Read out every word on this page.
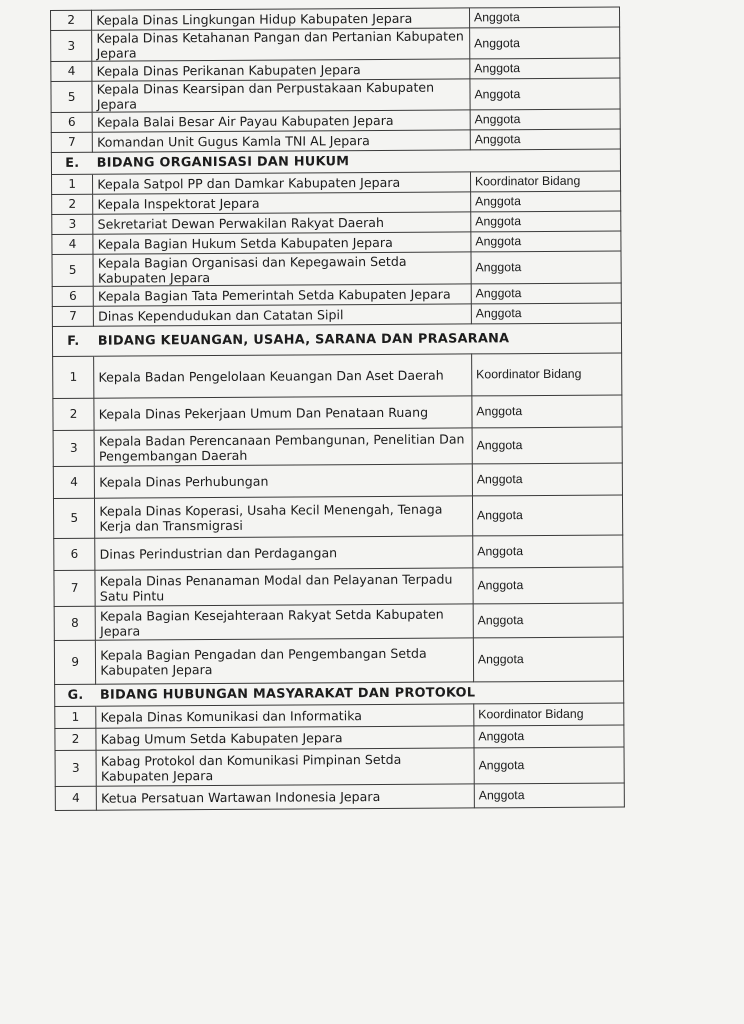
2	Kepala Dinas Lingkungan Hidup Kabupaten Jepara	Anggota
3	Kepala Dinas Ketahanan Pangan dan Pertanian Kabupaten Jepara	Anggota
4	Kepala Dinas Perikanan Kabupaten Jepara	Anggota
5	Kepala Dinas Kearsipan dan Perpustakaan Kabupaten Jepara	Anggota
6	Kepala Balai Besar Air Payau Kabupaten Jepara	Anggota
7	Komandan Unit Gugus Kamla TNI AL Jepara	Anggota
E.	BIDANG ORGANISASI DAN HUKUM	
1	Kepala Satpol PP dan Damkar Kabupaten Jepara	Koordinator Bidang
2	Kepala Inspektorat Jepara	Anggota
3	Sekretariat Dewan Perwakilan Rakyat Daerah	Anggota
4	Kepala Bagian Hukum Setda Kabupaten Jepara	Anggota
5	Kepala Bagian Organisasi dan Kepegawain Setda Kabupaten Jepara	Anggota
6	Kepala Bagian Tata Pemerintah Setda Kabupaten Jepara	Anggota
7	Dinas Kependudukan dan Catatan Sipil	Anggota
F.	BIDANG KEUANGAN, USAHA, SARANA DAN PRASARANA	
1	Kepala Badan Pengelolaan Keuangan Dan Aset Daerah	Koordinator Bidang
2	Kepala Dinas Pekerjaan Umum Dan Penataan Ruang	Anggota
3	Kepala Badan Perencanaan Pembangunan, Penelitian Dan Pengembangan Daerah	Anggota
4	Kepala Dinas Perhubungan	Anggota
5	Kepala Dinas Koperasi, Usaha Kecil Menengah, Tenaga Kerja dan Transmigrasi	Anggota
6	Dinas Perindustrian dan Perdagangan	Anggota
7	Kepala Dinas Penanaman Modal dan Pelayanan Terpadu Satu Pintu	Anggota
8	Kepala Bagian Kesejahteraan Rakyat Setda Kabupaten Jepara	Anggota
9	Kepala Bagian Pengadan dan Pengembangan Setda Kabupaten Jepara	Anggota
G.	BIDANG HUBUNGAN MASYARAKAT DAN PROTOKOL	
1	Kepala Dinas Komunikasi dan Informatika	Koordinator Bidang
2	Kabag Umum Setda Kabupaten Jepara	Anggota
3	Kabag Protokol dan Komunikasi Pimpinan Setda Kabupaten Jepara	Anggota
4	Ketua Persatuan Wartawan Indonesia Jepara	Anggota
